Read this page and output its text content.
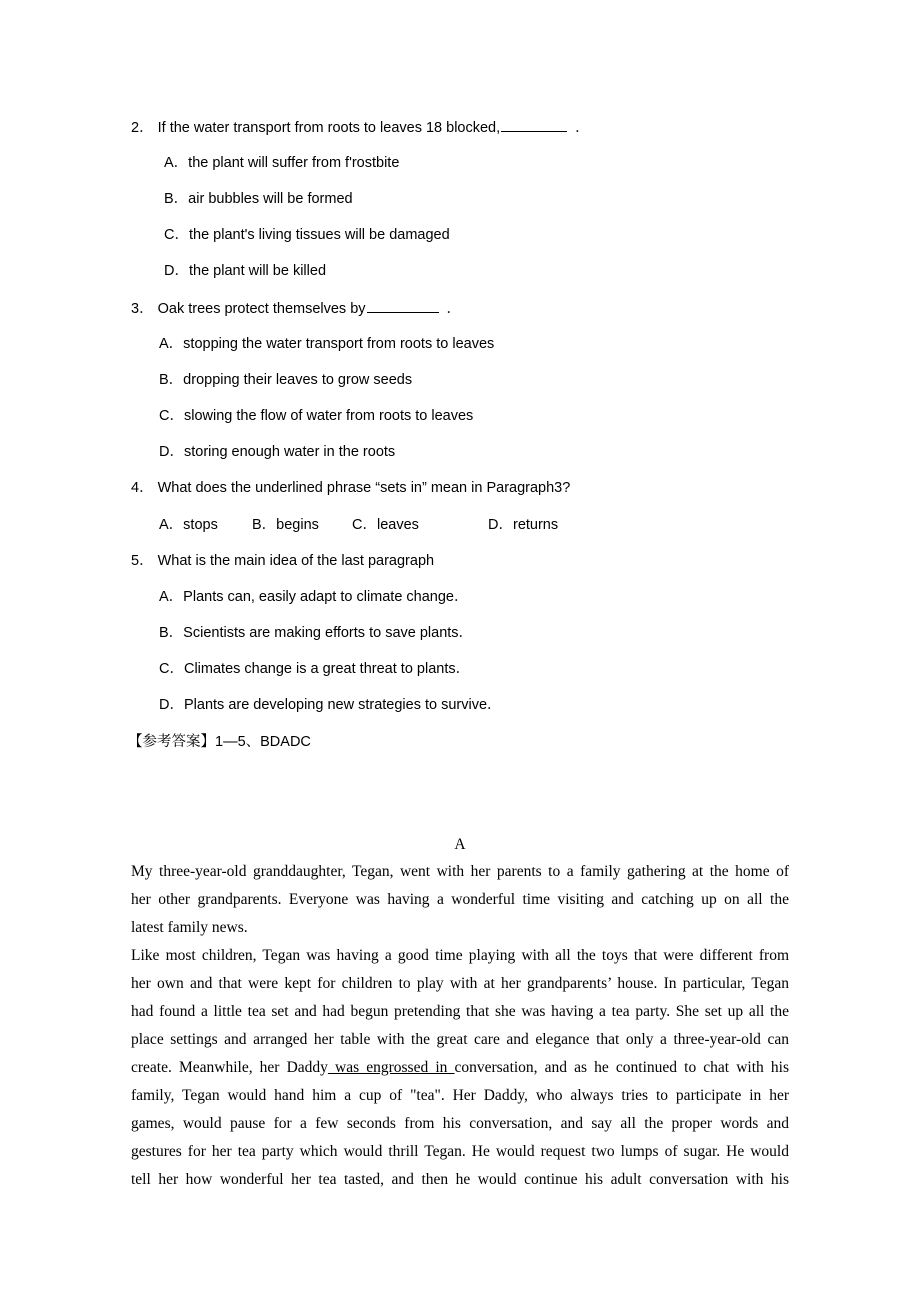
2． If the water transport from roots to leaves 18 blocked,	．
A．the plant will suffer from f'rostbite
B．air bubbles will be formed
C．the plant's living tissues will be damaged
D．the plant will be killed
3． Oak trees protect themselves by	．
A．stopping the water transport from roots to leaves
B．dropping their leaves to grow seeds
C．slowing the flow of water from roots to leaves
D．storing enough water in the roots
4． What does the underlined phrase “sets in” mean in Paragraph3?
A．stops B．begins C．leaves	D．returns
5． What is the main idea of the last paragraph
A．Plants can, easily adapt to climate change．
B．Scientists are making efforts to save plants．
C．Climates change is a great threat to plants．
D．Plants are developing new strategies to survive．
【参考答案】1—5、BDADC
A
My three-year-old granddaughter, Tegan, went with her parents to a family gathering at the home of
her other grandparents. Everyone was having a wonderful time visiting and catching up on all the
latest family news.
Like most children, Tegan was having a good time playing with all the toys that were different from
her own and that were kept for children to play with at her grandparents’ house. In particular, Tegan
had found a little tea set and had begun pretending that she was having a tea party. She set up all the
place settings and arranged her table with the great care and elegance that only a three-year-old can
create. Meanwhile, her Daddy was engrossed in conversation, and as he continued to chat with his
family, Tegan would hand him a cup of "tea". Her Daddy, who always tries to participate in her
games, would pause for a few seconds from his conversation, and say all the proper words and
gestures for her tea party which would thrill Tegan. He would request two lumps of sugar. He would
tell her how wonderful her tea tasted, and then he would continue his adult conversation with his
